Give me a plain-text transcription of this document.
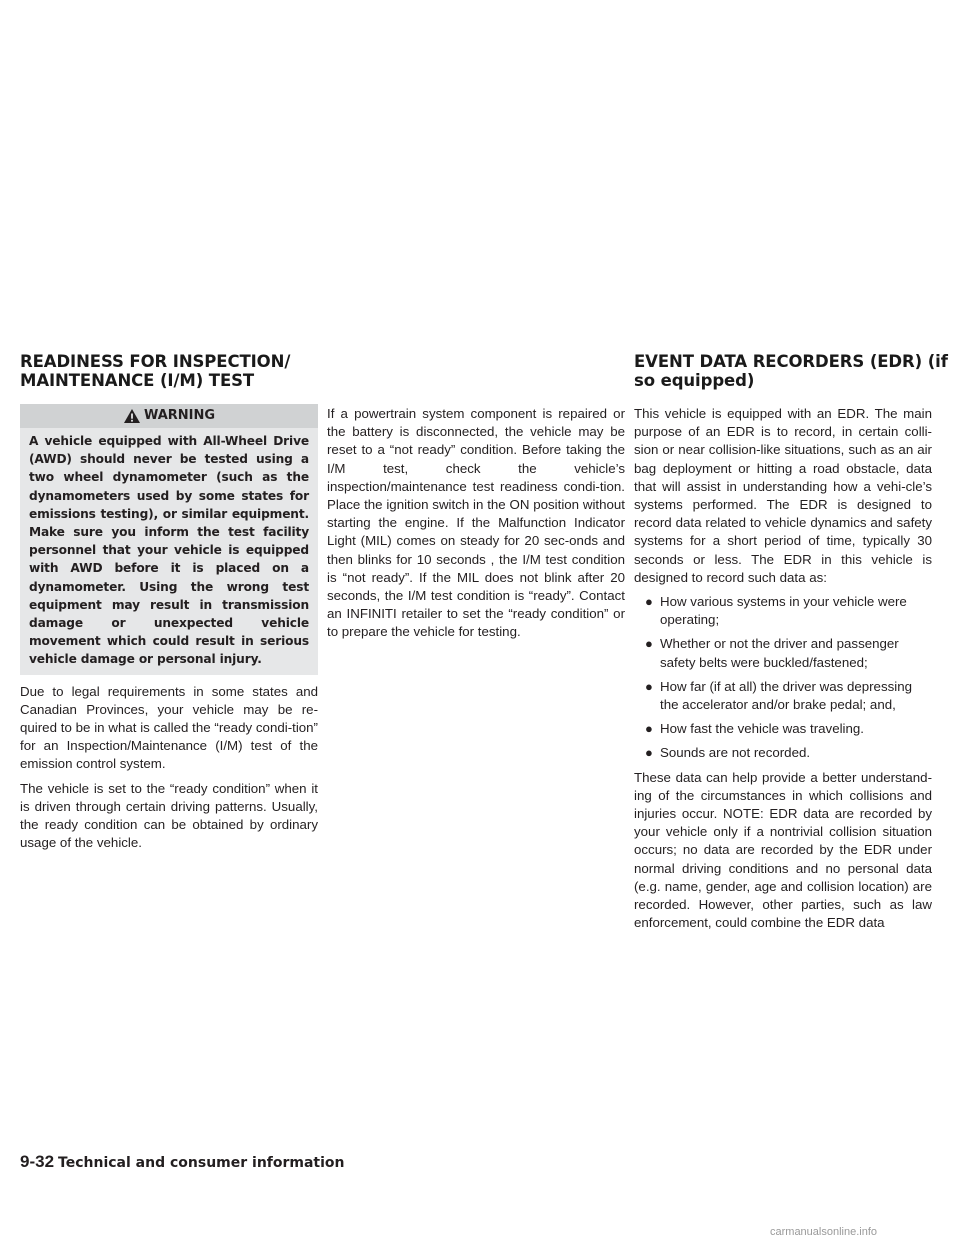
READINESS FOR INSPECTION/
MAINTENANCE (I/M) TEST
EVENT DATA RECORDERS (EDR) (if
so equipped)
WARNING
A vehicle equipped with All-Wheel Drive (AWD) should never be tested using a two wheel dynamometer (such as the dynamometers used by some states for emissions testing), or similar equipment. Make sure you inform the test facility personnel that your vehicle is equipped with AWD before it is placed on a dynamometer. Using the wrong test equipment may result in transmission damage or unexpected vehicle movement which could result in serious vehicle damage or personal injury.

Due to legal requirements in some states and Canadian Provinces, your vehicle may be re-quired to be in what is called the “ready condi-tion” for an Inspection/Maintenance (I/M) test of the emission control system.

The vehicle is set to the “ready condition” when it is driven through certain driving patterns. Usually, the ready condition can be obtained by ordinary usage of the vehicle.

If a powertrain system component is repaired or the battery is disconnected, the vehicle may be reset to a “not ready” condition. Before taking the I/M test, check the vehicle’s inspection/maintenance test readiness condi-tion. Place the ignition switch in the ON position without starting the engine. If the Malfunction Indicator Light (MIL) comes on steady for 20 sec-onds and then blinks for 10 seconds , the I/M test condition is “not ready”. If the MIL does not blink after 20 seconds, the I/M test condition is “ready”. Contact an INFINITI retailer to set the “ready condition” or to prepare the vehicle for testing.

This vehicle is equipped with an EDR. The main purpose of an EDR is to record, in certain colli-sion or near collision-like situations, such as an air bag deployment or hitting a road obstacle, data that will assist in understanding how a vehi-cle’s systems performed. The EDR is designed to record data related to vehicle dynamics and safety systems for a short period of time, typically 30 seconds or less. The EDR in this vehicle is designed to record such data as:

● How various systems in your vehicle were operating;
● Whether or not the driver and passenger safety belts were buckled/fastened;
● How far (if at all) the driver was depressing the accelerator and/or brake pedal; and,
● How fast the vehicle was traveling.
● Sounds are not recorded.

These data can help provide a better understand-ing of the circumstances in which collisions and injuries occur. NOTE: EDR data are recorded by your vehicle only if a nontrivial collision situation occurs; no data are recorded by the EDR under normal driving conditions and no personal data (e.g. name, gender, age and collision location) are recorded. However, other parties, such as law enforcement, could combine the EDR data

9-32 Technical and consumer information
carmanualsonline.info
